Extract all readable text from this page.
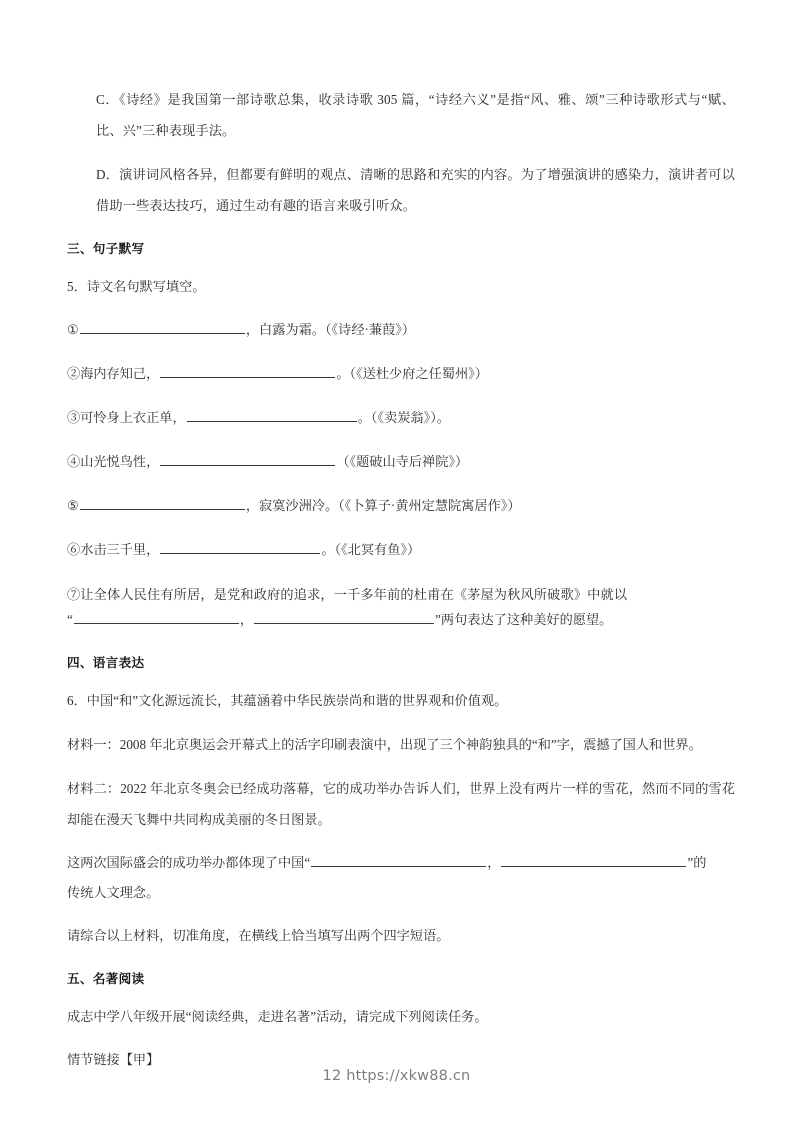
C．《诗经》是我国第一部诗歌总集，收录诗歌 305 篇，“诗经六义”是指“风、雅、颂”三种诗歌形式与“赋、比、兴”三种表现手法。
D．演讲词风格各异，但都要有鲜明的观点、清晰的思路和充实的内容。为了增强演讲的感染力，演讲者可以借助一些表达技巧，通过生动有趣的语言来吸引听众。
三、句子默写
5．诗文名句默写填空。
①	，白露为霜。（《诗经·蒹葭》）
②海内存知己，	。（《送杜少府之任蜀州》）
③可怜身上衣正单，	。（《卖炭翁》）。
④山光悦鸟性，	（《题破山寺后禅院》）
⑤	，寂寞沙洲冷。（《卜算子·黄州定慧院寓居作》）
⑥水击三千里，	。（《北冥有鱼》）
⑦让全体人民住有所居，是党和政府的追求，一千多年前的杜甫在《茅屋为秋风所破歌》中就以
“	，	”两句表达了这种美好的愿望。
四、语言表达
6．中国“和”文化源远流长，其蕴涵着中华民族崇尚和谐的世界观和价值观。
材料一：2008 年北京奥运会开幕式上的活字印刷表演中，出现了三个神韵独具的“和”字，震撼了国人和世界。
材料二：2022 年北京冬奥会已经成功落幕，它的成功举办告诉人们，世界上没有两片一样的雪花，然而不同的雪花却能在漫天飞舞中共同构成美丽的冬日图景。
这两次国际盛会的成功举办都体现了中国“	，	”的
传统人文理念。
请综合以上材料，切准角度，在横线上恰当填写出两个四字短语。
五、名著阅读
成志中学八年级开展“阅读经典，走进名著”活动，请完成下列阅读任务。
情节链接【甲】
12 https://xkw88.cn
